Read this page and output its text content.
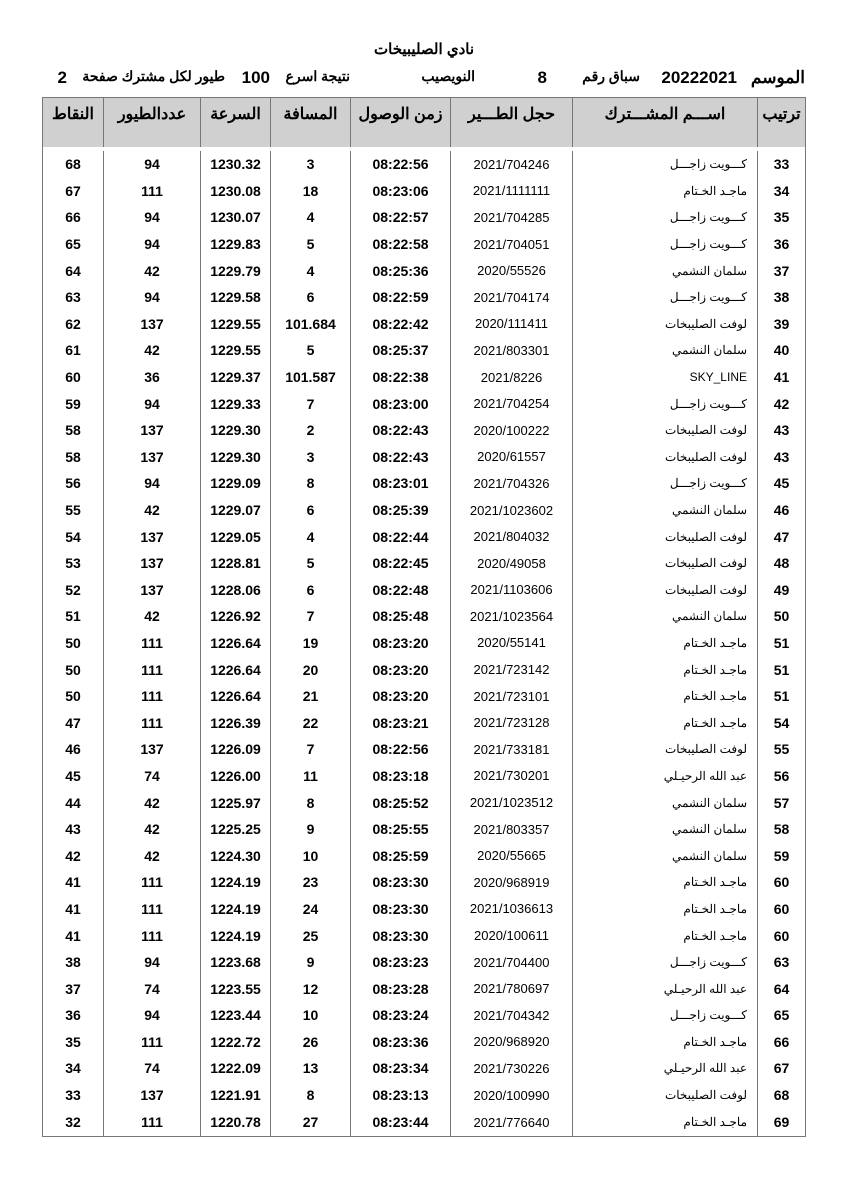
نادي الصليبيخات
الموسم
20222021
سباق رقم
8
النويصيب
نتيجة اسرع
100
طيور لكل مشترك صفحة
2
ترتيب	اســـم المشـــترك	حجل الطـــير	زمن الوصول	المسافة	السرعة	عددالطيور	النقاط

33	كـــويت زاجـــل	2021/704246	08:22:56	3	1230.32	94	68
34	ماجـد الخـتام	2021/1111111	08:23:06	18	1230.08	111	67
35	كـــويت زاجـــل	2021/704285	08:22:57	4	1230.07	94	66
36	كـــويت زاجـــل	2021/704051	08:22:58	5	1229.83	94	65
37	سلمان النشمي	2020/55526	08:25:36	4	1229.79	42	64
38	كـــويت زاجـــل	2021/704174	08:22:59	6	1229.58	94	63
39	لوفت الصليبخات	2020/111411	08:22:42	101.684	1229.55	137	62
40	سلمان النشمي	2021/803301	08:25:37	5	1229.55	42	61
41	SKY_LINE	2021/8226	08:22:38	101.587	1229.37	36	60
42	كـــويت زاجـــل	2021/704254	08:23:00	7	1229.33	94	59
43	لوفت الصليبخات	2020/100222	08:22:43	2	1229.30	137	58
43	لوفت الصليبخات	2020/61557	08:22:43	3	1229.30	137	58
45	كـــويت زاجـــل	2021/704326	08:23:01	8	1229.09	94	56
46	سلمان النشمي	2021/1023602	08:25:39	6	1229.07	42	55
47	لوفت الصليبخات	2021/804032	08:22:44	4	1229.05	137	54
48	لوفت الصليبخات	2020/49058	08:22:45	5	1228.81	137	53
49	لوفت الصليبخات	2021/1103606	08:22:48	6	1228.06	137	52
50	سلمان النشمي	2021/1023564	08:25:48	7	1226.92	42	51
51	ماجـد الخـتام	2020/55141	08:23:20	19	1226.64	111	50
51	ماجـد الخـتام	2021/723142	08:23:20	20	1226.64	111	50
51	ماجـد الخـتام	2021/723101	08:23:20	21	1226.64	111	50
54	ماجـد الخـتام	2021/723128	08:23:21	22	1226.39	111	47
55	لوفت الصليبخات	2021/733181	08:22:56	7	1226.09	137	46
56	عبد الله الرحيـلي	2021/730201	08:23:18	11	1226.00	74	45
57	سلمان النشمي	2021/1023512	08:25:52	8	1225.97	42	44
58	سلمان النشمي	2021/803357	08:25:55	9	1225.25	42	43
59	سلمان النشمي	2020/55665	08:25:59	10	1224.30	42	42
60	ماجـد الخـتام	2020/968919	08:23:30	23	1224.19	111	41
60	ماجـد الخـتام	2021/1036613	08:23:30	24	1224.19	111	41
60	ماجـد الخـتام	2020/100611	08:23:30	25	1224.19	111	41
63	كـــويت زاجـــل	2021/704400	08:23:23	9	1223.68	94	38
64	عبد الله الرحيـلي	2021/780697	08:23:28	12	1223.55	74	37
65	كـــويت زاجـــل	2021/704342	08:23:24	10	1223.44	94	36
66	ماجـد الخـتام	2020/968920	08:23:36	26	1222.72	111	35
67	عبد الله الرحيـلي	2021/730226	08:23:34	13	1222.09	74	34
68	لوفت الصليبخات	2020/100990	08:23:13	8	1221.91	137	33
69	ماجـد الخـتام	2021/776640	08:23:44	27	1220.78	111	32
